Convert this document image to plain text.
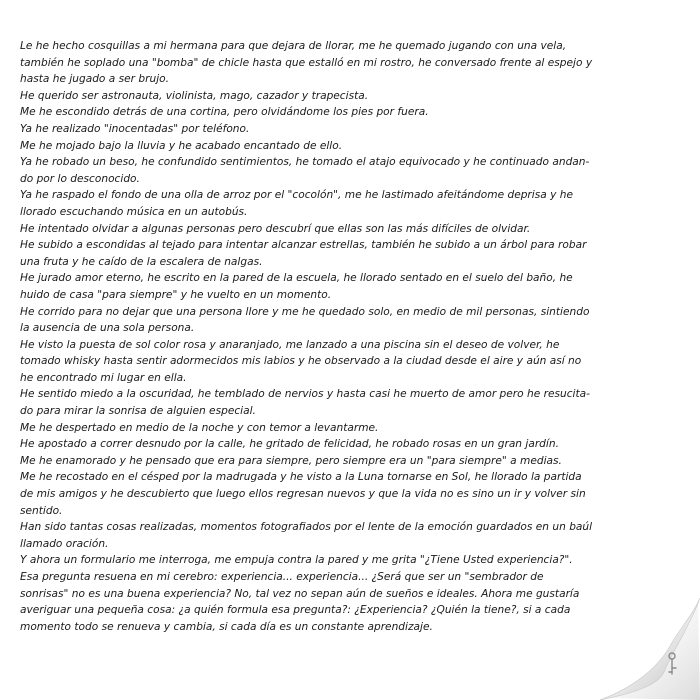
Le he hecho cosquillas a mi hermana para que dejara de llorar, me he quemado jugando con una vela, también he soplado una "bomba" de chicle hasta que estalló en mi rostro, he conversado frente al espejo y hasta he jugado a ser brujo.

He querido ser astronauta, violinista, mago, cazador y trapecista.

Me he escondido detrás de una cortina, pero olvidándome los pies por fuera.

Ya he realizado "inocentadas" por teléfono.

Me he mojado bajo la lluvia y he acabado encantado de ello.

Ya he robado un beso, he confundido sentimientos, he tomado el atajo equivocado y he continuado andan-do por lo desconocido.

Ya he raspado el fondo de una olla de arroz por el "cocolón", me he lastimado afeitándome deprisa y he llorado escuchando música en un autobús.

He intentado olvidar a algunas personas pero descubrí que ellas son las más difíciles de olvidar.

He subido a escondidas al tejado para intentar alcanzar estrellas, también he subido a un árbol para robar una fruta y he caído de la escalera de nalgas.

He jurado amor eterno, he escrito en la pared de la escuela, he llorado sentado en el suelo del baño, he huido de casa "para siempre" y he vuelto en un momento.

He corrido para no dejar que una persona llore y me he quedado solo, en medio de mil personas, sintiendo la ausencia de una sola persona.

He visto la puesta de sol color rosa y anaranjado, me lanzado a una piscina sin el deseo de volver, he tomado whisky hasta sentir adormecidos mis labios y he observado a la ciudad desde el aire y aún así no he encontrado mi lugar en ella.

He sentido miedo a la oscuridad, he temblado de nervios y hasta casi he muerto de amor pero he resucita-do para mirar la sonrisa de alguien especial.

Me he despertado en medio de la noche y con temor a levantarme.

He apostado a correr desnudo por la calle, he gritado de felicidad, he robado rosas en un gran jardín.

Me he enamorado y he pensado que era para siempre, pero siempre era un "para siempre" a medias.

Me he recostado en el césped por la madrugada y he visto a la Luna tornarse en Sol, he llorado la partida de mis amigos y he descubierto que luego ellos regresan nuevos y que la vida no es sino un ir y volver sin sentido.

Han sido tantas cosas realizadas, momentos fotografiados por el lente de la emoción guardados en un baúl llamado oración.

Y ahora un formulario me interroga, me empuja contra la pared y me grita "¿Tiene Usted experiencia?".

Esa pregunta resuena en mi cerebro: experiencia... experiencia... ¿Será que ser un "sembrador de sonrisas" no es una buena experiencia? No, tal vez no sepan aún de sueños e ideales. Ahora me gustaría averiguar una pequeña cosa: ¿a quién formula esa pregunta?: ¿Experiencia? ¿Quién la tiene?, si a cada momento todo se renueva y cambia, si cada día es un constante aprendizaje.
